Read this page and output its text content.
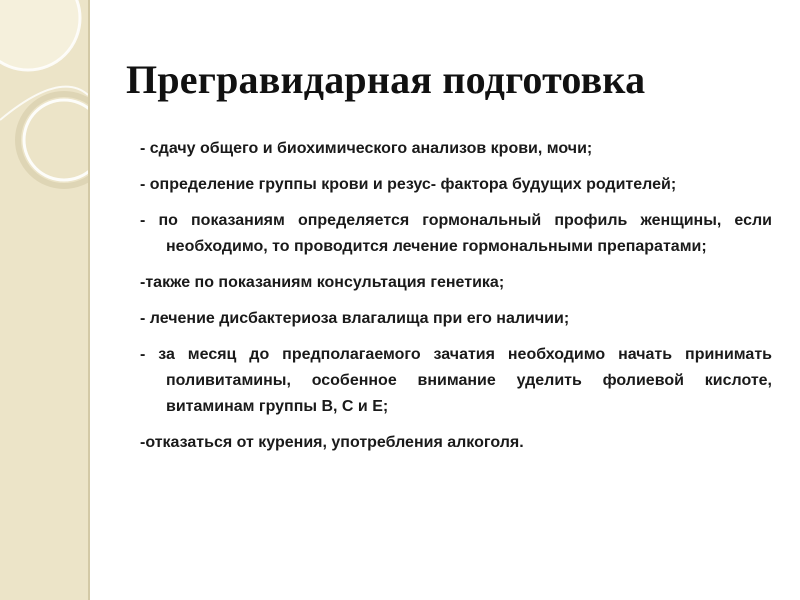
Прегравидарная подготовка
- сдачу общего и биохимического анализов крови, мочи;
- определение группы крови и резус- фактора будущих родителей;
- по показаниям определяется гормональный профиль женщины, если необходимо, то проводится лечение гормональными препаратами;
-также по показаниям консультация генетика;
- лечение дисбактериоза влагалища при его наличии;
- за месяц до предполагаемого зачатия необходимо начать принимать поливитамины, особенное внимание уделить фолиевой кислоте, витаминам группы В, С и Е;
-отказаться от курения, употребления алкоголя.
